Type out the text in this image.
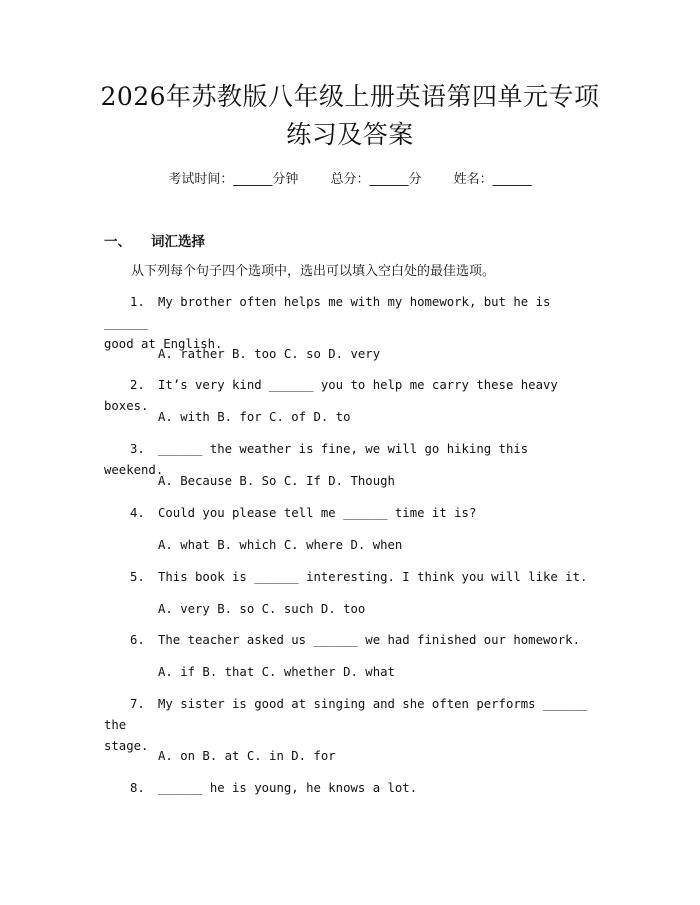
2026年苏教版八年级上册英语第四单元专项
练习及答案
考试时间：______分钟 总分：______分 姓名：______
一、 词汇选择
从下列每个句子四个选项中，选出可以填入空白处的最佳选项。
1. My brother often helps me with my homework, but he is ______
good at English.
A. rather B. too C. so D. very
2. It’s very kind ______ you to help me carry these heavy boxes.
A. with B. for C. of D. to
3. ______ the weather is fine, we will go hiking this weekend.
A. Because B. So C. If D. Though
4. Could you please tell me ______ time it is?
A. what B. which C. where D. when
5. This book is ______ interesting. I think you will like it.
A. very B. so C. such D. too
6. The teacher asked us ______ we had finished our homework.
A. if B. that C. whether D. what
7. My sister is good at singing and she often performs ______ the
stage.
A. on B. at C. in D. for
8. ______ he is young, he knows a lot.
